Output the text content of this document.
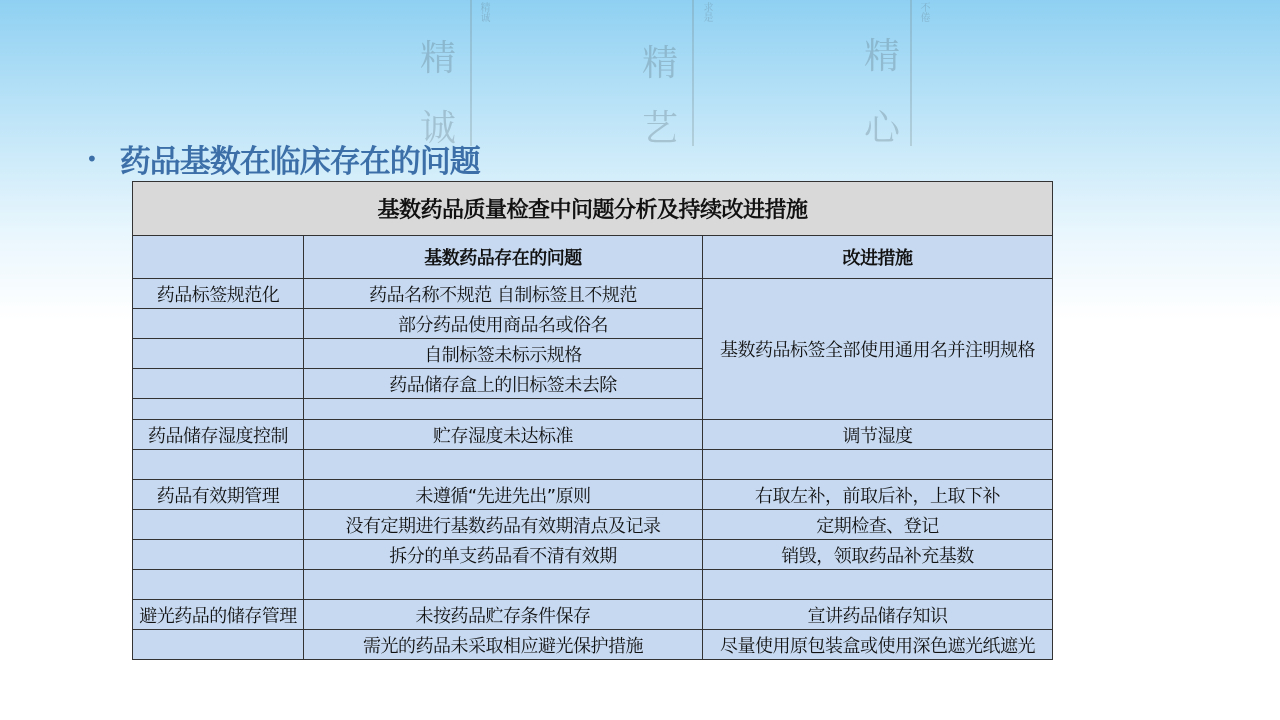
精
诚
精诚
精
艺
求是
精
心
不倦
• 药品基数在临床存在的问题
基数药品质量检查中问题分析及持续改进措施		
	基数药品存在的问题	改进措施
药品标签规范化	药品名称不规范 自制标签且不规范	基数药品标签全部使用通用名并注明规格
	部分药品使用商品名或俗名	
	自制标签未标示规格	
	药品储存盒上的旧标签未去除	

药品储存湿度控制	贮存湿度未达标准	调节湿度

药品有效期管理	未遵循“先进先出”原则	右取左补，前取后补，上取下补
	没有定期进行基数药品有效期清点及记录	定期检查、登记
	拆分的单支药品看不清有效期	销毁，领取药品补充基数

避光药品的储存管理	未按药品贮存条件保存	宣讲药品储存知识
	需光的药品未采取相应避光保护措施	尽量使用原包装盒或使用深色遮光纸遮光
